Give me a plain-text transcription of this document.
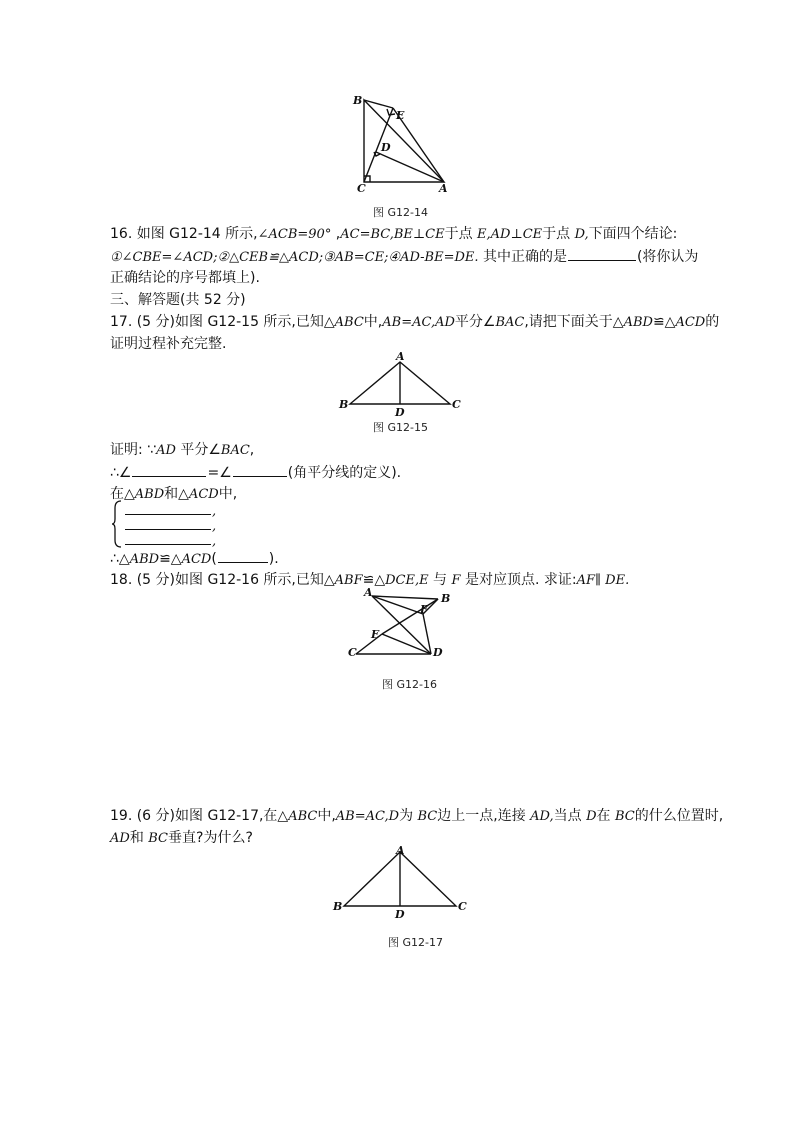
B
E
D
C	A
图 G12-14
16. 如图 G12-14 所示,∠ACB=90° ,AC=BC,BE⊥CE于点 E,AD⊥CE于点 D,下面四个结论:
①∠CBE=∠ACD;②△CEB≌△ACD;③AB=CE;④AD-BE=DE. 其中正确的是	(将你认为
正确结论的序号都填上).
三、解答题(共 52 分)
17. (5 分)如图 G12-15 所示,已知△ABC中,AB=AC,AD平分∠BAC,请把下面关于△ABD≌△ACD的
证明过程补充完整.
A
B
D
C
图 G12-15
证明: ∵AD 平分∠BAC,
∴∠	=∠	(角平分线的定义).
在△ABD和△ACD中,
,
,
,
∴△ABD≌△ACD(	).
18. (5 分)如图 G12-16 所示,已知△ABF≌△DCE,E 与 F 是对应顶点. 求证:AF∥ DE.
A	B
F
E
C	D
图 G12-16
19. (6 分)如图 G12-17,在△ABC中,AB=AC,D为 BC边上一点,连接 AD,当点 D在 BC的什么位置时,
AD和 BC垂直?为什么?
A
B
D
C
图 G12-17
